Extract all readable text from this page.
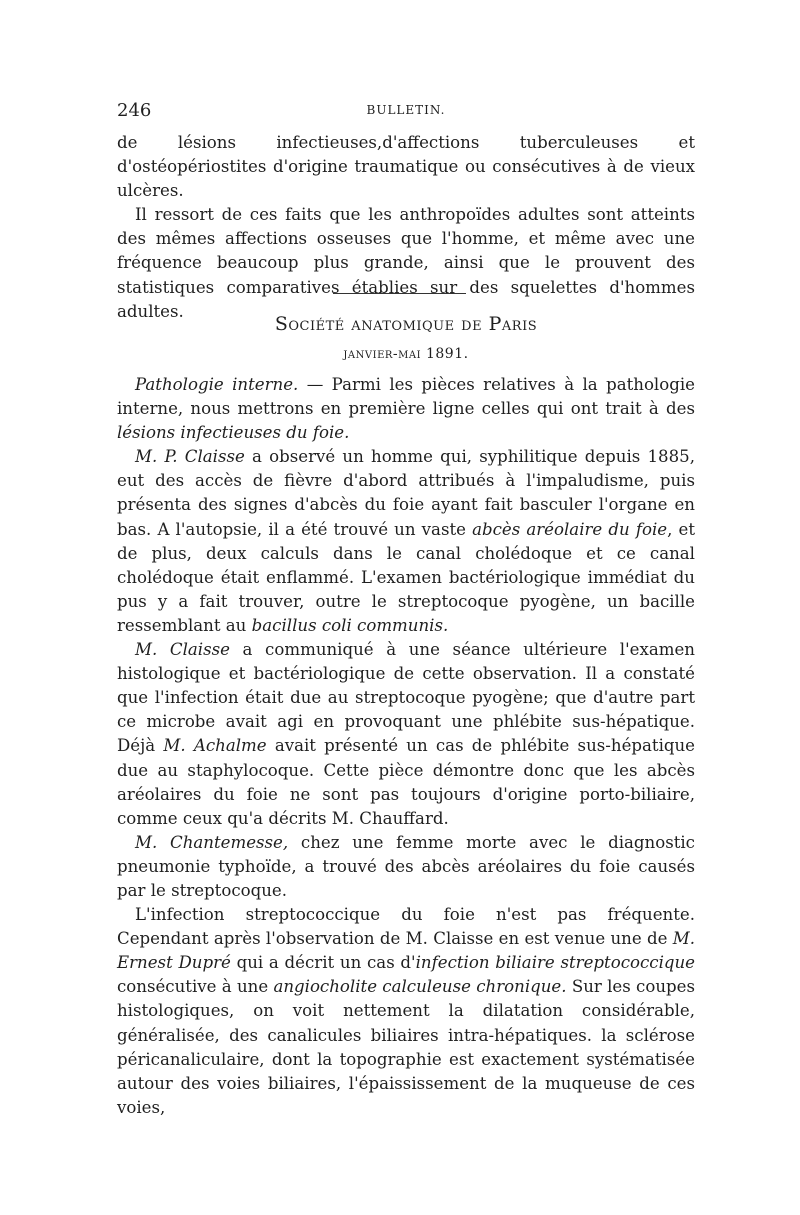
246	BULLETIN.

de lésions infectieuses,d'affections tuberculeuses et d'ostéopériostites d'origine traumatique ou consécutives à de vieux ulcères.

Il ressort de ces faits que les anthropoïdes adultes sont atteints des mêmes affections osseuses que l'homme, et même avec une fréquence beaucoup plus grande, ainsi que le prouvent des statistiques comparatives établies sur des squelettes d'hommes adultes.

Société anatomique de Paris
janvier-mai 1891.

Pathologie interne. — Parmi les pièces relatives à la pathologie interne, nous mettrons en première ligne celles qui ont trait à des lésions infectieuses du foie.

M. P. Claisse a observé un homme qui, syphilitique depuis 1885, eut des accès de fièvre d'abord attribués à l'impaludisme, puis présenta des signes d'abcès du foie ayant fait basculer l'organe en bas. A l'autopsie, il a été trouvé un vaste abcès aréolaire du foie, et de plus, deux calculs dans le canal cholédoque et ce canal cholédoque était enflammé. L'examen bactériologique immédiat du pus y a fait trouver, outre le streptocoque pyogène, un bacille ressemblant au bacillus coli communis.

M. Claisse a communiqué à une séance ultérieure l'examen histologique et bactériologique de cette observation. Il a constaté que l'infection était due au streptocoque pyogène; que d'autre part ce microbe avait agi en provoquant une phlébite sus-hépatique. Déjà M. Achalme avait présenté un cas de phlébite sus-hépatique due au staphylocoque. Cette pièce démontre donc que les abcès aréolaires du foie ne sont pas toujours d'origine porto-biliaire, comme ceux qu'a décrits M. Chauffard.

M. Chantemesse, chez une femme morte avec le diagnostic pneumonie typhoïde, a trouvé des abcès aréolaires du foie causés par le streptocoque.

L'infection streptococcique du foie n'est pas fréquente. Cependant après l'observation de M. Claisse en est venue une de M. Ernest Dupré qui a décrit un cas d'infection biliaire streptococcique consécutive à une angiocholite calculeuse chronique. Sur les coupes histologiques, on voit nettement la dilatation considérable, généralisée, des canalicules biliaires intra-hépatiques. la sclérose péricanaliculaire, dont la topographie est exactement systématisée autour des voies biliaires, l'épaississement de la muqueuse de ces voies,
